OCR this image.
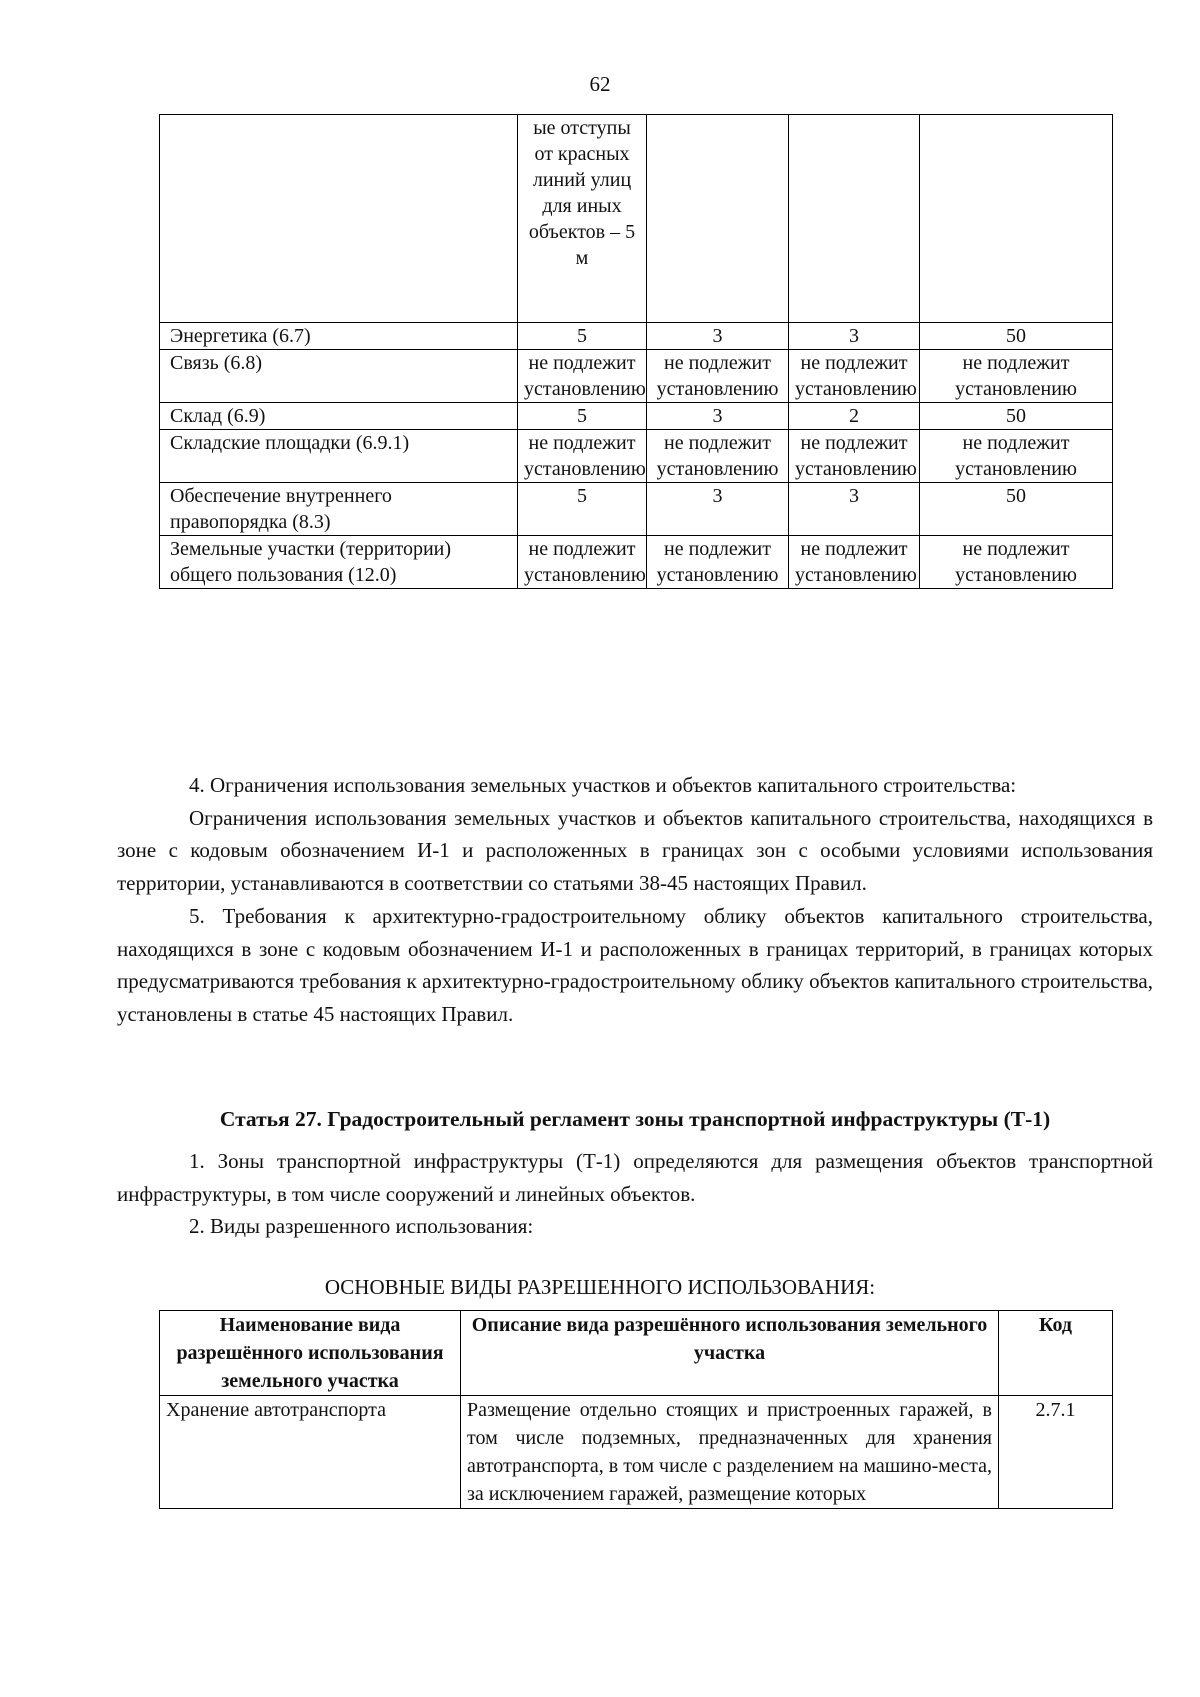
62
	ые отступы от красных линий улиц для иных объектов – 5 м			
Энергетика (6.7)	5	3	3	50
Связь (6.8)	не подлежит установлению	не подлежит установлению	не подлежит установлению	не подлежит установлению
Склад (6.9)	5	3	2	50
Складские площадки (6.9.1)	не подлежит установлению	не подлежит установлению	не подлежит установлению	не подлежит установлению
Обеспечение внутреннего правопорядка (8.3)	5	3	3	50
Земельные участки (территории) общего пользования (12.0)	не подлежит установлению	не подлежит установлению	не подлежит установлению	не подлежит установлению

4. Ограничения использования земельных участков и объектов капитального строительства:

Ограничения использования земельных участков и объектов капитального строительства, находящихся в зоне с кодовым обозначением И-1 и расположенных в границах зон с особыми условиями использования территории, устанавливаются в соответствии со статьями 38-45 настоящих Правил.

5. Требования к архитектурно-градостроительному облику объектов капитального строительства, находящихся в зоне с кодовым обозначением И-1 и расположенных в границах территорий, в границах которых предусматриваются требования к архитектурно-градостроительному облику объектов капитального строительства, установлены в статье 45 настоящих Правил.

Статья 27. Градостроительный регламент зоны транспортной инфраструктуры (Т-1)

1. Зоны транспортной инфраструктуры (Т-1) определяются для размещения объектов транспортной инфраструктуры, в том числе сооружений и линейных объектов.

2. Виды разрешенного использования:

ОСНОВНЫЕ ВИДЫ РАЗРЕШЕННОГО ИСПОЛЬЗОВАНИЯ:
Наименование вида разрешённого использования земельного участка	Описание вида разрешённого использования земельного участка	Код
Хранение автотранспорта	Размещение отдельно стоящих и пристроенных гаражей, в том числе подземных, предназначенных для хранения автотранспорта, в том числе с разделением на машино-места, за исключением гаражей, размещение которых	2.7.1
